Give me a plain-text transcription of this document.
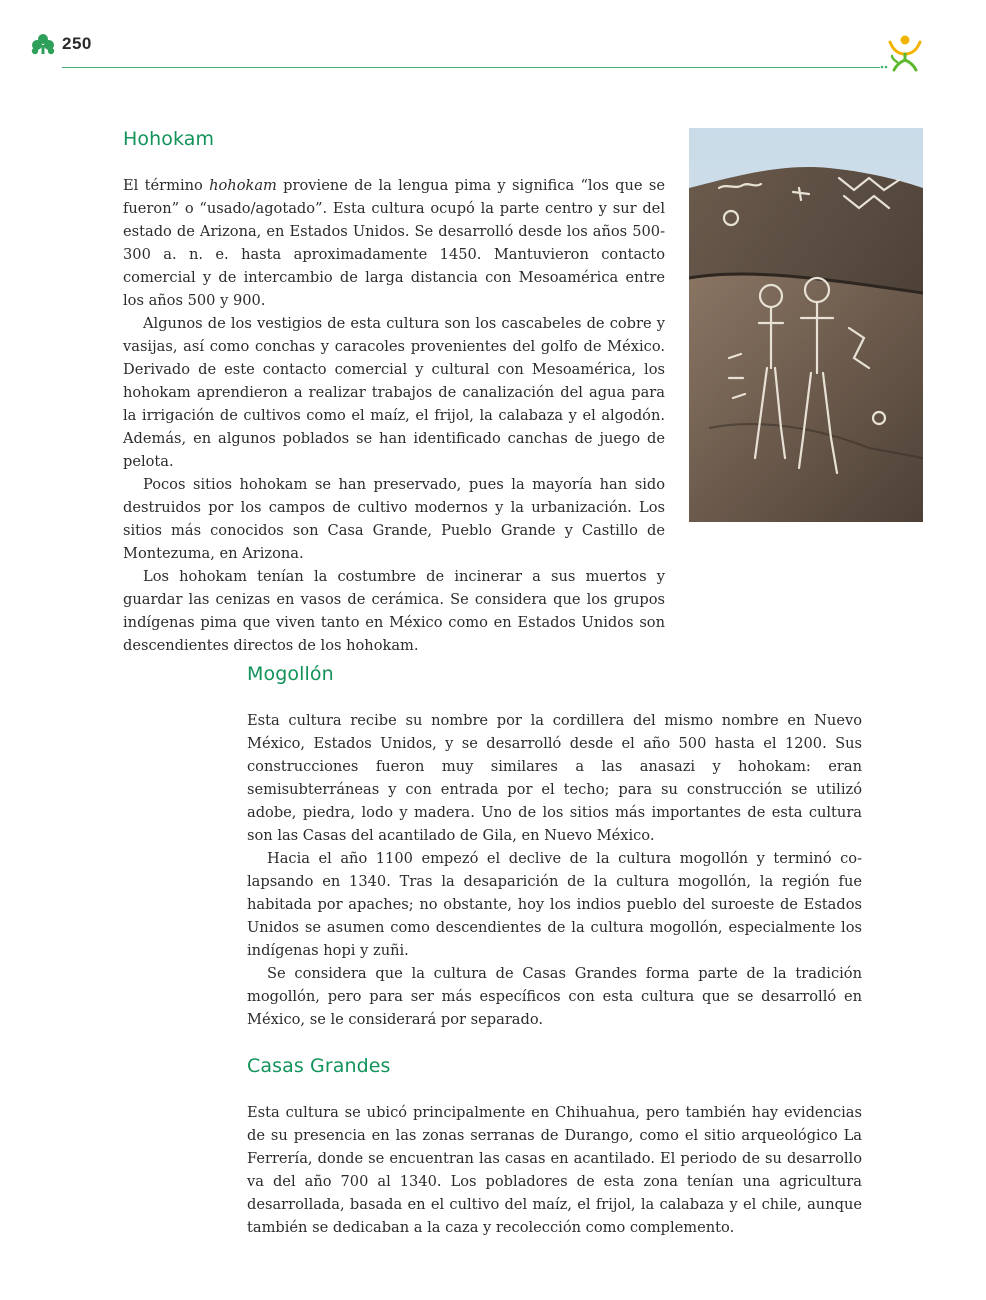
250
Hohokam

El término hohokam proviene de la lengua pima y significa “los que se fueron” o “usado/agotado”. Esta cultura ocupó la parte centro y sur del estado de Arizona, en Estados Unidos. Se desarrolló desde los años 500-300 a. n. e. hasta aproximadamente 1450. Mantuvieron contacto comercial y de intercambio de larga distancia con Mesoamérica entre los años 500 y 900.

Algunos de los vestigios de esta cultura son los cascabeles de cobre y vasijas, así como conchas y caracoles provenientes del golfo de México. Derivado de este contacto comercial y cultural con Mesoamérica, los hohokam aprendieron a realizar trabajos de canalización del agua para la irrigación de cultivos como el maíz, el frijol, la calabaza y el algodón. Además, en algunos poblados se han identificado canchas de juego de pelota.

Pocos sitios hohokam se han preservado, pues la mayoría han sido destruidos por los campos de cultivo modernos y la urbanización. Los sitios más conocidos son Casa Grande, Pueblo Grande y Castillo de Montezuma, en Arizona.

Los hohokam tenían la costumbre de incinerar a sus muertos y guardar las cenizas en vasos de cerámica. Se considera que los grupos indígenas pima que viven tanto en México como en Estados Unidos son descendientes directos de los hohokam.

Mogollón

Esta cultura recibe su nombre por la cordillera del mismo nombre en Nuevo México, Estados Unidos, y se desarrolló desde el año 500 hasta el 1200. Sus construcciones fueron muy similares a las anasazi y hohokam: eran semisubterráneas y con entrada por el techo; para su construcción se utilizó adobe, piedra, lodo y madera. Uno de los sitios más importantes de esta cultura son las Casas del acantilado de Gila, en Nuevo México.

Hacia el año 1100 empezó el declive de la cultura mogollón y terminó colapsando en 1340. Tras la desaparición de la cultura mogollón, la región fue habitada por apaches; no obstante, hoy los indios pueblo del suroeste de Estados Unidos se asumen como descendientes de la cultura mogollón, especialmente los indígenas hopi y zuñi.

Se considera que la cultura de Casas Grandes forma parte de la tradición mogollón, pero para ser más específicos con esta cultura que se desarrolló en México, se le considerará por separado.

Casas Grandes

Esta cultura se ubicó principalmente en Chihuahua, pero también hay evidencias de su presencia en las zonas serranas de Durango, como el sitio arqueológico La Ferrería, donde se encuentran las casas en acantilado. El periodo de su desarrollo va del año 700 al 1340. Los pobladores de esta zona tenían una agricultura desarrollada, basada en el cultivo del maíz, el frijol, la calabaza y el chile, aunque también se dedicaban a la caza y recolección como complemento.
